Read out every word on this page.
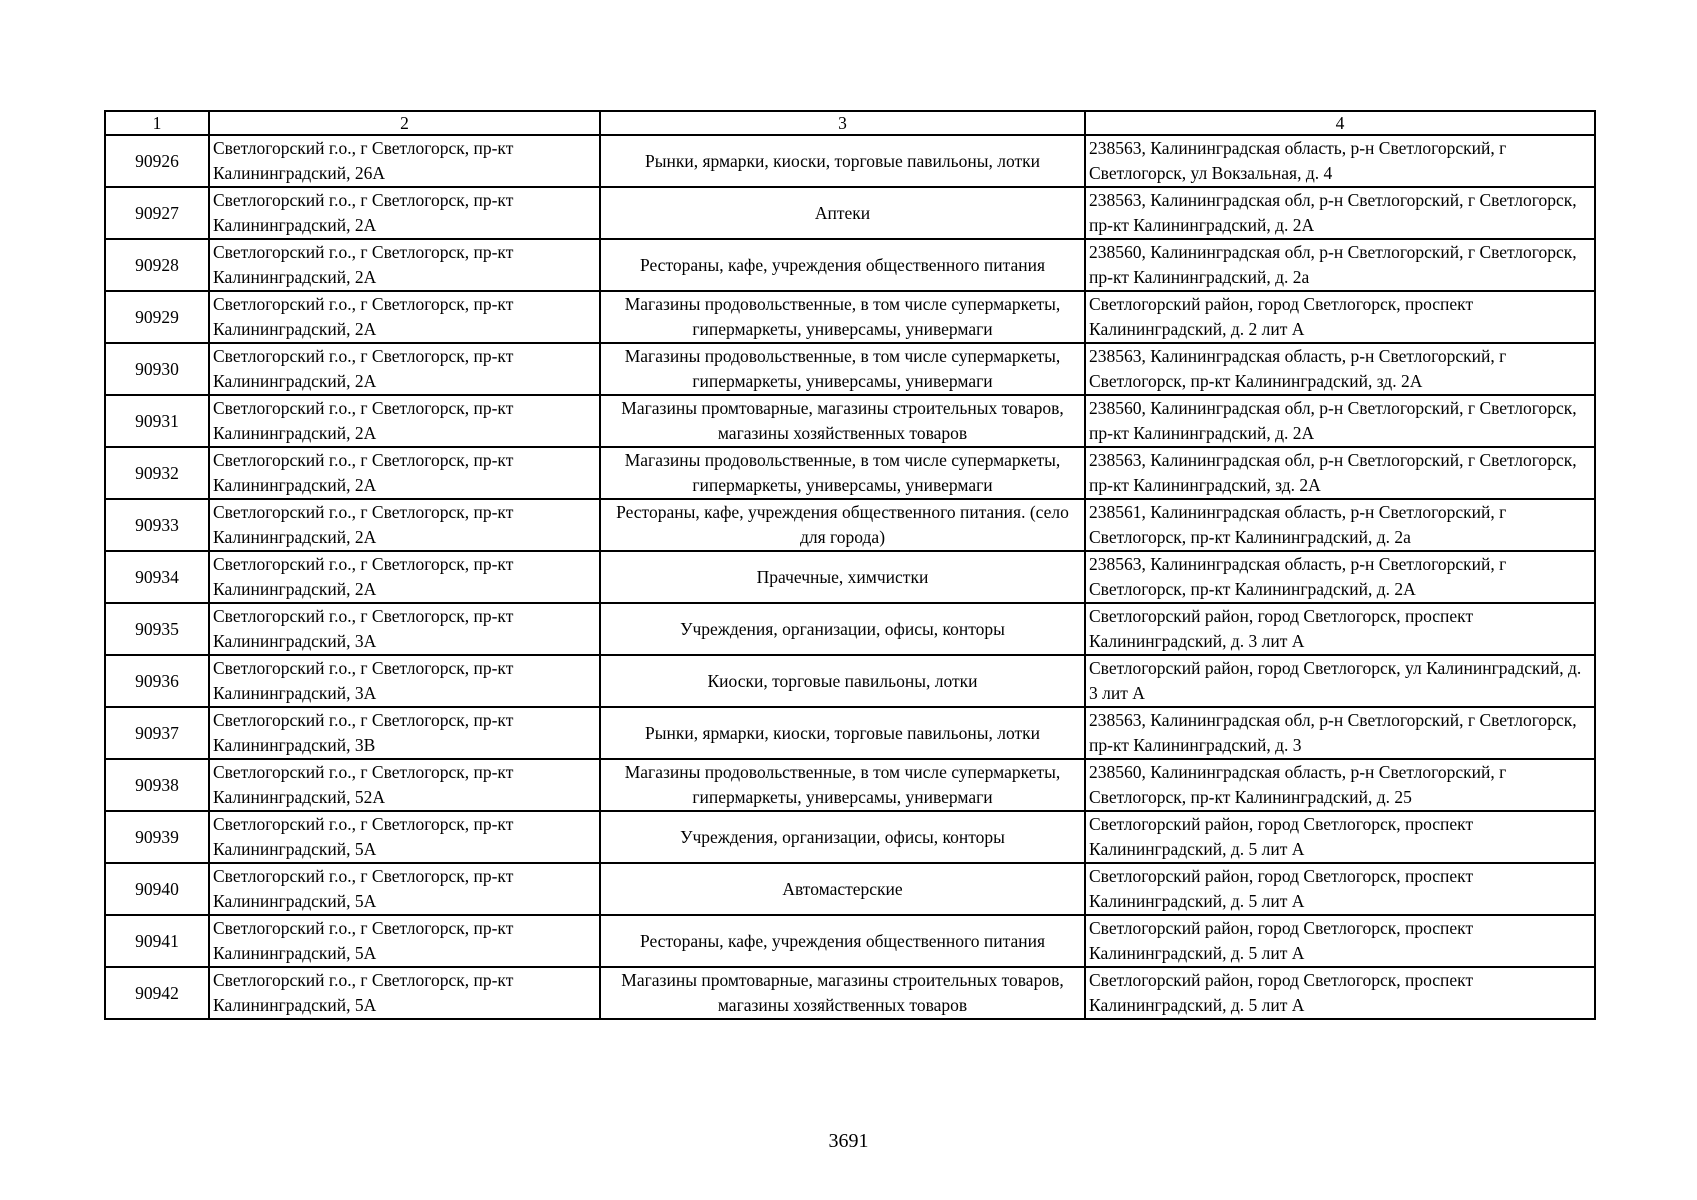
1	2	3	4
90926	Светлогорский г.о., г Светлогорск, пр-кт Калининградский, 26А	Рынки, ярмарки, киоски, торговые павильоны, лотки	238563, Калининградская область, р-н Светлогорский, г Светлогорск, ул Вокзальная, д. 4
90927	Светлогорский г.о., г Светлогорск, пр-кт Калининградский, 2А	Аптеки	238563, Калининградская обл, р-н Светлогорский, г Светлогорск, пр-кт Калининградский, д. 2А
90928	Светлогорский г.о., г Светлогорск, пр-кт Калининградский, 2А	Рестораны, кафе, учреждения общественного питания	238560, Калининградская обл, р-н Светлогорский, г Светлогорск, пр-кт Калининградский, д. 2а
90929	Светлогорский г.о., г Светлогорск, пр-кт Калининградский, 2А	Магазины продовольственные, в том числе супермаркеты, гипермаркеты, универсамы, универмаги	Светлогорский район, город Светлогорск, проспект Калининградский, д. 2 лит А
90930	Светлогорский г.о., г Светлогорск, пр-кт Калининградский, 2А	Магазины продовольственные, в том числе супермаркеты, гипермаркеты, универсамы, универмаги	238563, Калининградская область, р-н Светлогорский, г Светлогорск, пр-кт Калининградский, зд. 2А
90931	Светлогорский г.о., г Светлогорск, пр-кт Калининградский, 2А	Магазины промтоварные, магазины строительных товаров, магазины хозяйственных товаров	238560, Калининградская обл, р-н Светлогорский, г Светлогорск, пр-кт Калининградский, д. 2А
90932	Светлогорский г.о., г Светлогорск, пр-кт Калининградский, 2А	Магазины продовольственные, в том числе супермаркеты, гипермаркеты, универсамы, универмаги	238563, Калининградская обл, р-н Светлогорский, г Светлогорск, пр-кт Калининградский, зд. 2А
90933	Светлогорский г.о., г Светлогорск, пр-кт Калининградский, 2А	Рестораны, кафе, учреждения общественного питания. (село для города)	238561, Калининградская область, р-н Светлогорский, г Светлогорск, пр-кт Калининградский, д. 2а
90934	Светлогорский г.о., г Светлогорск, пр-кт Калининградский, 2А	Прачечные, химчистки	238563, Калининградская область, р-н Светлогорский, г Светлогорск, пр-кт Калининградский, д. 2А
90935	Светлогорский г.о., г Светлогорск, пр-кт Калининградский, 3А	Учреждения, организации, офисы, конторы	Светлогорский район, город Светлогорск, проспект Калининградский, д. 3 лит А
90936	Светлогорский г.о., г Светлогорск, пр-кт Калининградский, 3А	Киоски, торговые павильоны, лотки	Светлогорский район, город Светлогорск, ул Калининградский, д. 3 лит А
90937	Светлогорский г.о., г Светлогорск, пр-кт Калининградский, 3В	Рынки, ярмарки, киоски, торговые павильоны, лотки	238563, Калининградская обл, р-н Светлогорский, г Светлогорск, пр-кт Калининградский, д. 3
90938	Светлогорский г.о., г Светлогорск, пр-кт Калининградский, 52А	Магазины продовольственные, в том числе супермаркеты, гипермаркеты, универсамы, универмаги	238560, Калининградская область, р-н Светлогорский, г Светлогорск, пр-кт Калининградский, д. 25
90939	Светлогорский г.о., г Светлогорск, пр-кт Калининградский, 5А	Учреждения, организации, офисы, конторы	Светлогорский район, город Светлогорск, проспект Калининградский, д. 5 лит А
90940	Светлогорский г.о., г Светлогорск, пр-кт Калининградский, 5А	Автомастерские	Светлогорский район, город Светлогорск, проспект Калининградский, д. 5 лит А
90941	Светлогорский г.о., г Светлогорск, пр-кт Калининградский, 5А	Рестораны, кафе, учреждения общественного питания	Светлогорский район, город Светлогорск, проспект Калининградский, д. 5 лит А
90942	Светлогорский г.о., г Светлогорск, пр-кт Калининградский, 5А	Магазины промтоварные, магазины строительных товаров, магазины хозяйственных товаров	Светлогорский район, город Светлогорск, проспект Калининградский, д. 5 лит А
3691
